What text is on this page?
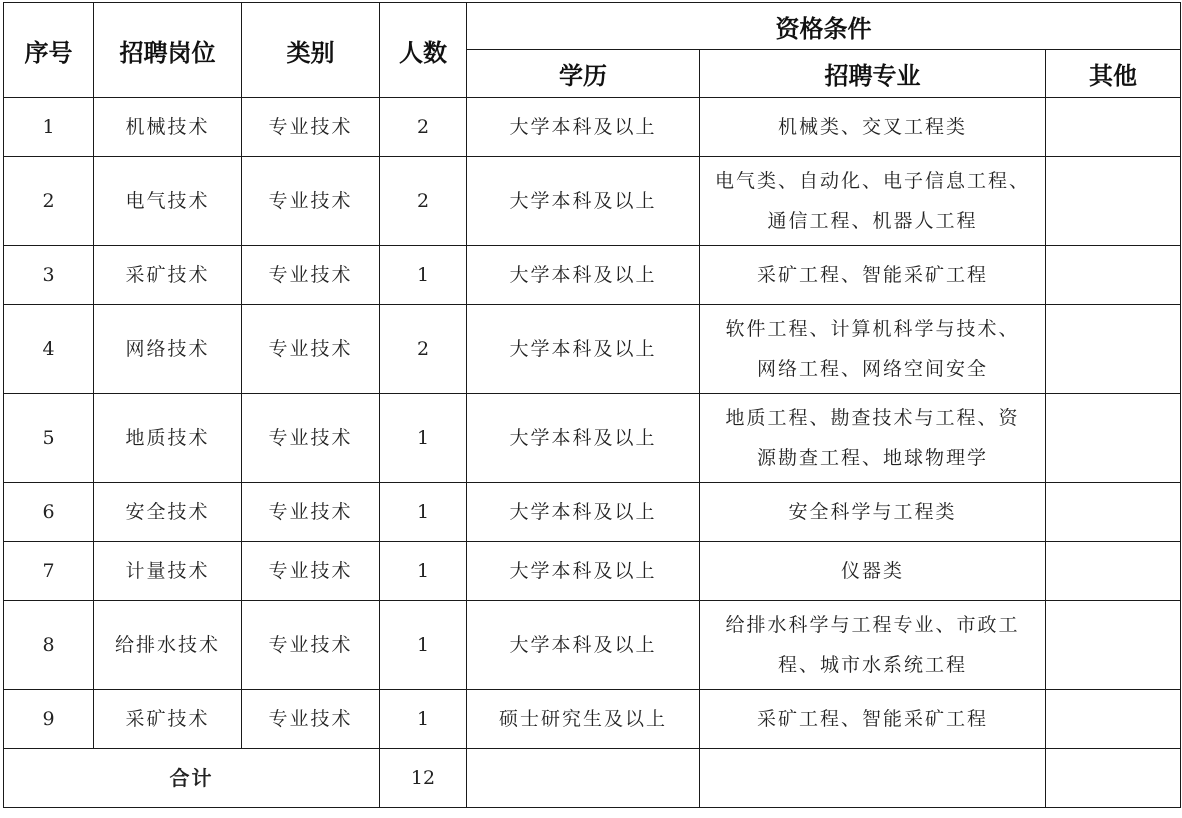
序号	招聘岗位	类别	人数	资格条件		
				学历	招聘专业	其他
1	机械技术	专业技术	2	大学本科及以上	机械类、交叉工程类	

2	电气技术	专业技术	2	大学本科及以上	电气类、自动化、电子信息工程、
通信工程、机器人工程	

3	采矿技术	专业技术	1	大学本科及以上	采矿工程、智能采矿工程	

4	网络技术	专业技术	2	大学本科及以上	软件工程、计算机科学与技术、
网络工程、网络空间安全	

5	地质技术	专业技术	1	大学本科及以上	地质工程、勘查技术与工程、资
源勘查工程、地球物理学	

6	安全技术	专业技术	1	大学本科及以上	安全科学与工程类	

7	计量技术	专业技术	1	大学本科及以上	仪器类	

8	给排水技术	专业技术	1	大学本科及以上	给排水科学与工程专业、市政工
程、城市水系统工程	

9	采矿技术	专业技术	1	硕士研究生及以上	采矿工程、智能采矿工程	

合计			12			
